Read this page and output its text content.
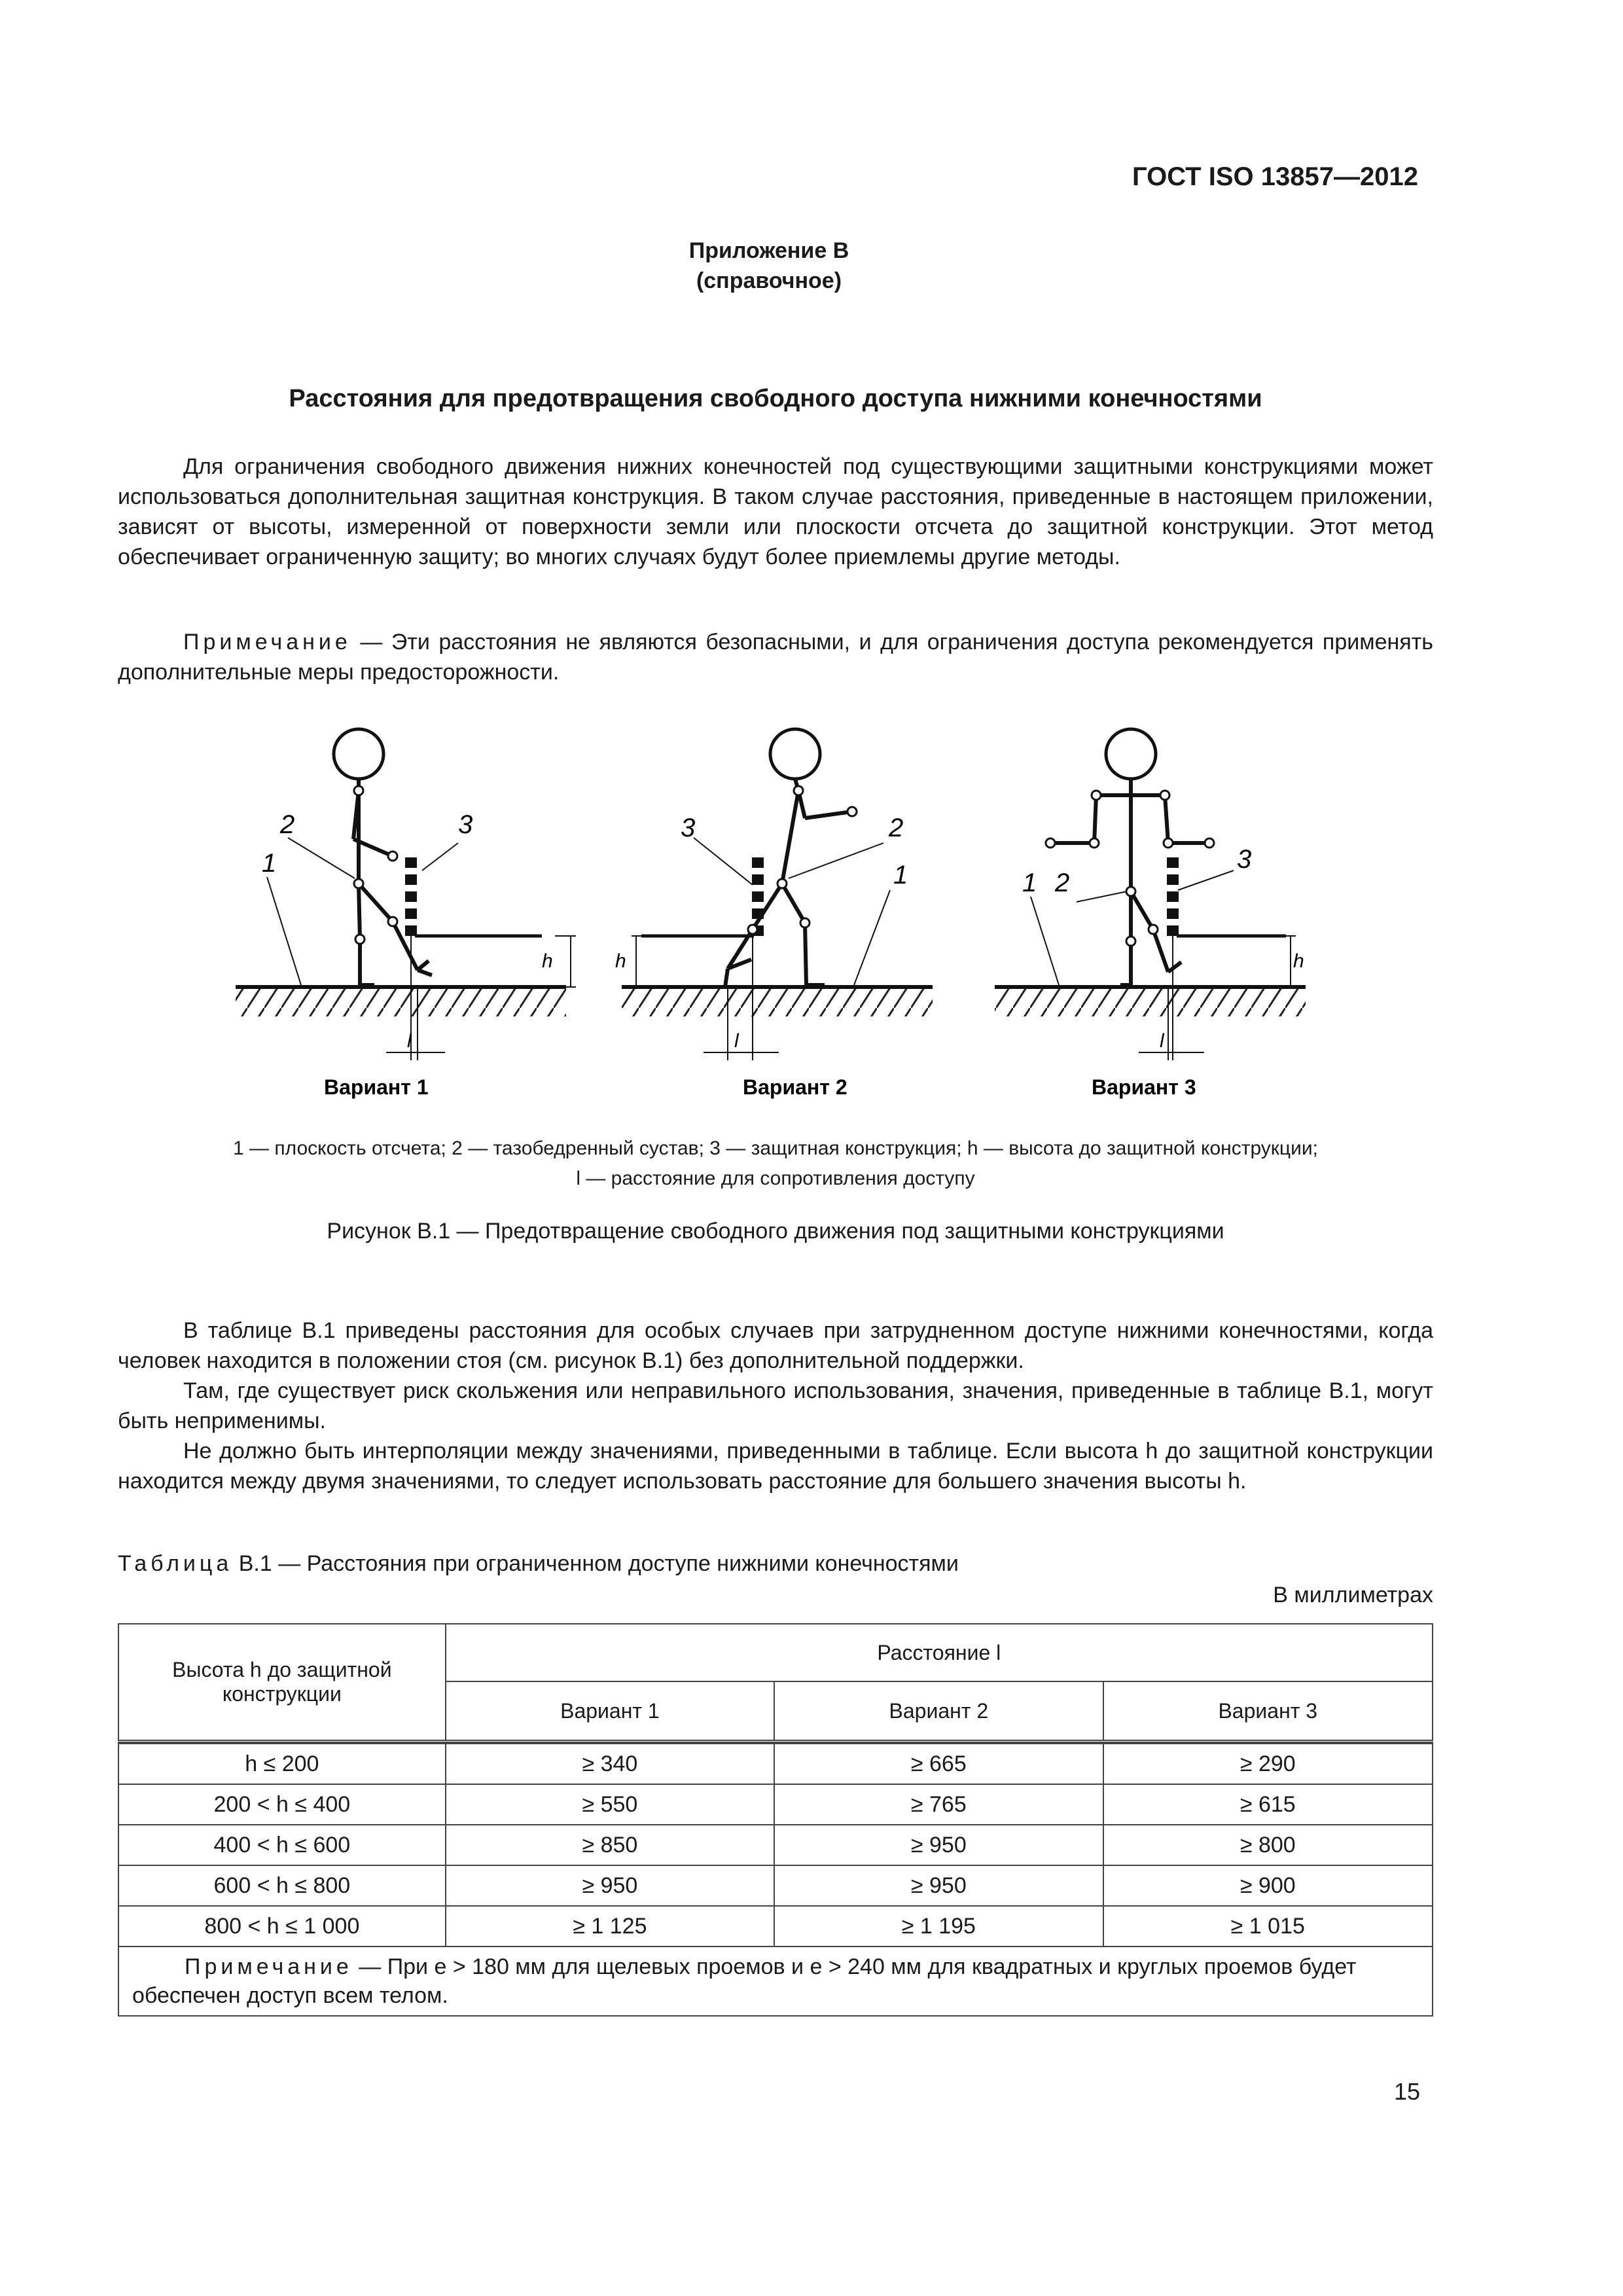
ГОСТ ISO 13857—2012
Приложение В
(справочное)
Расстояния для предотвращения свободного доступа нижними конечностями

Для ограничения свободного движения нижних конечностей под существующими защитными конструкциями может использоваться дополнительная защитная конструкция. В таком случае расстояния, приведенные в настоящем приложении, зависят от высоты, измеренной от поверхности земли или плоскости отсчета до защитной конструкции. Этот метод обеспечивает ограниченную защиту; во многих случаях будут более приемлемы другие методы.

Примечание — Эти расстояния не являются безопасными, и для ограничения доступа рекомендуется применять дополнительные меры предосторожности.

2
1
3
h
l
Вариант 1
3	2
1
h
l
Вариант 2
1 2
3
h
l
Вариант 3
1 — плоскость отсчета; 2 — тазобедренный сустав; 3 — защитная конструкция; h — высота до защитной конструкции;
l — расстояние для сопротивления доступу
Рисунок В.1 — Предотвращение свободного движения под защитными конструкциями

В таблице В.1 приведены расстояния для особых случаев при затрудненном доступе нижними конечностями, когда человек находится в положении стоя (см. рисунок В.1) без дополнительной поддержки.

Там, где существует риск скольжения или неправильного использования, значения, приведенные в таблице В.1, могут быть неприменимы.

Не должно быть интерполяции между значениями, приведенными в таблице. Если высота h до защитной конструкции находится между двумя значениями, то следует использовать расстояние для большего значения высоты h.

Таблица В.1 — Расстояния при ограниченном доступе нижними конечностями
В миллиметрах
Высота h до защитной конструкции	Расстояние l		
	Вариант 1	Вариант 2	Вариант 3

h ≤ 200	≥ 340	≥ 665	≥ 290
200 < h ≤ 400	≥ 550	≥ 765	≥ 615
400 < h ≤ 600	≥ 850	≥ 950	≥ 800
600 < h ≤ 800	≥ 950	≥ 950	≥ 900
800 < h ≤ 1 000	≥ 1 125	≥ 1 195	≥ 1 015
Примечание — При e > 180 мм для щелевых проемов и e > 240 мм для квадратных и круглых проемов будет обеспечен доступ всем телом.			
15
